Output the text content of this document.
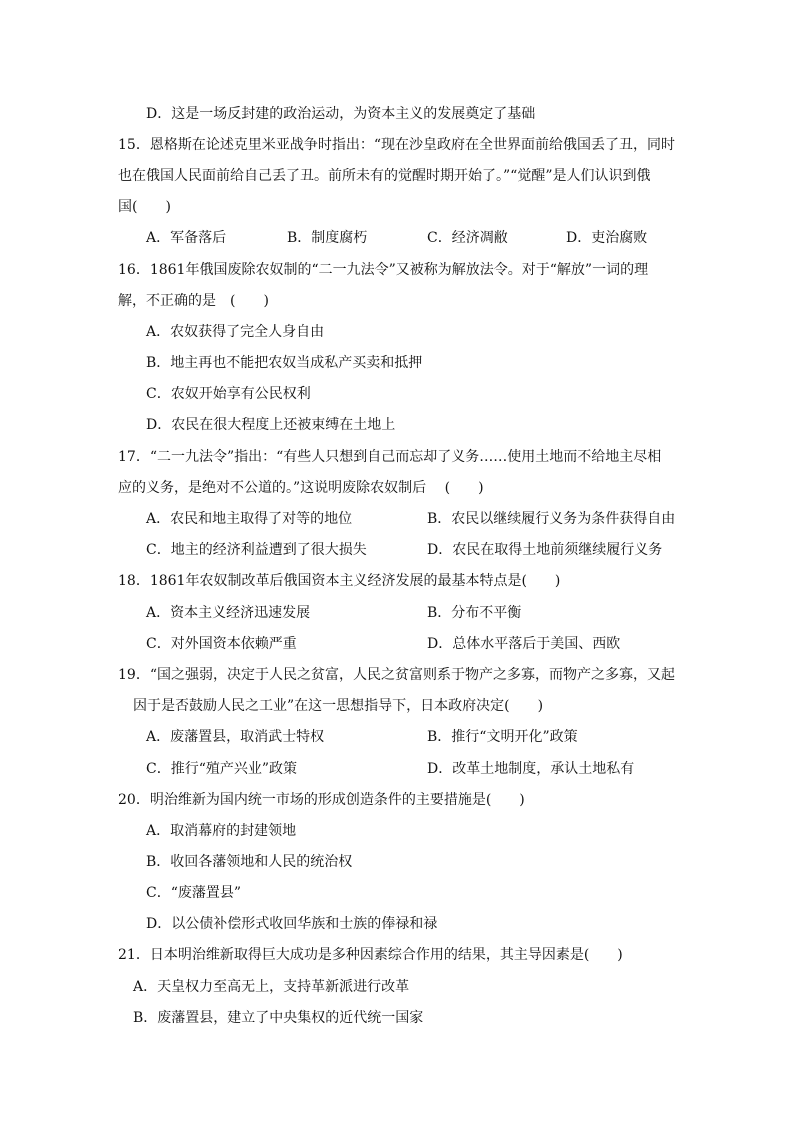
D．这是一场反封建的政治运动，为资本主义的发展奠定了基础
15．恩格斯在论述克里米亚战争时指出：“现在沙皇政府在全世界面前给俄国丢了丑，同时
也在俄国人民面前给自己丢了丑。前所未有的觉醒时期开始了。”“觉醒”是人们认识到俄
国(　　)
A．军备落后	B．制度腐朽	C．经济凋敝	D．吏治腐败
16．1861年俄国废除农奴制的“二一九法令”又被称为解放法令。对于“解放”一词的理
解，不正确的是　(　　)
A．农奴获得了完全人身自由
B．地主再也不能把农奴当成私产买卖和抵押
C．农奴开始享有公民权利
D．农民在很大程度上还被束缚在土地上
17．“二一九法令”指出：“有些人只想到自己而忘却了义务……使用土地而不给地主尽相
应的义务，是绝对不公道的。”这说明废除农奴制后　 (　　)
A．农民和地主取得了对等的地位	B．农民以继续履行义务为条件获得自由
C．地主的经济利益遭到了很大损失	D．农民在取得土地前须继续履行义务
18．1861年农奴制改革后俄国资本主义经济发展的最基本特点是(　　)
A．资本主义经济迅速发展	B．分布不平衡
C．对外国资本依赖严重	D．总体水平落后于美国、西欧
19．“国之强弱，决定于人民之贫富，人民之贫富则系于物产之多寡，而物产之多寡，又起
因于是否鼓励人民之工业”在这一思想指导下，日本政府决定(　　)
A．废藩置县，取消武士特权	B．推行“文明开化”政策
C．推行“殖产兴业”政策	D．改革土地制度，承认土地私有
20．明治维新为国内统一市场的形成创造条件的主要措施是(　　)
A．取消幕府的封建领地
B．收回各藩领地和人民的统治权
C．“废藩置县”
D．以公债补偿形式收回华族和士族的俸禄和禄
21．日本明治维新取得巨大成功是多种因素综合作用的结果，其主导因素是(　　)
A．天皇权力至高无上，支持革新派进行改革
B．废藩置县，建立了中央集权的近代统一国家
